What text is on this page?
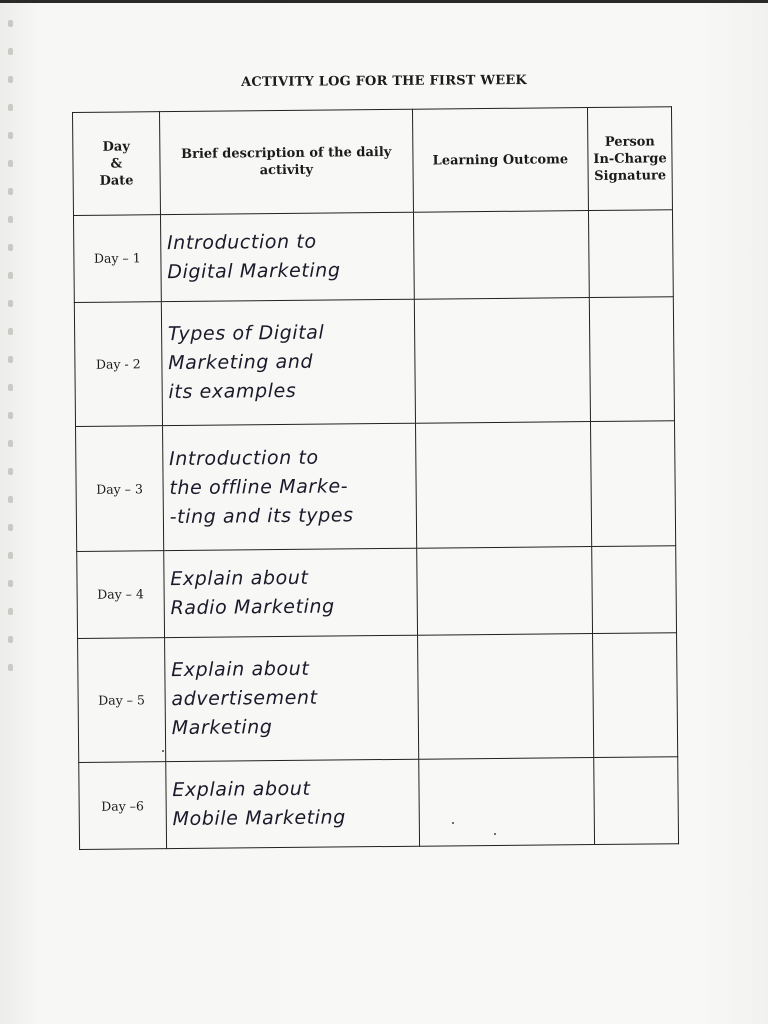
ACTIVITY LOG FOR THE FIRST WEEK
Day
&
Date	Brief description of the daily activity	Learning Outcome	Person In-Charge Signature
Day – 1	Introduction to
Digital Marketing		
Day - 2	Types of Digital
Marketing and
its examples		
Day – 3	Introduction to
the offline Marke-
-ting and its types		
Day – 4	Explain about
Radio Marketing		
Day – 5	Explain about
advertisement
Marketing		
Day –6	Explain about
Mobile Marketing		
